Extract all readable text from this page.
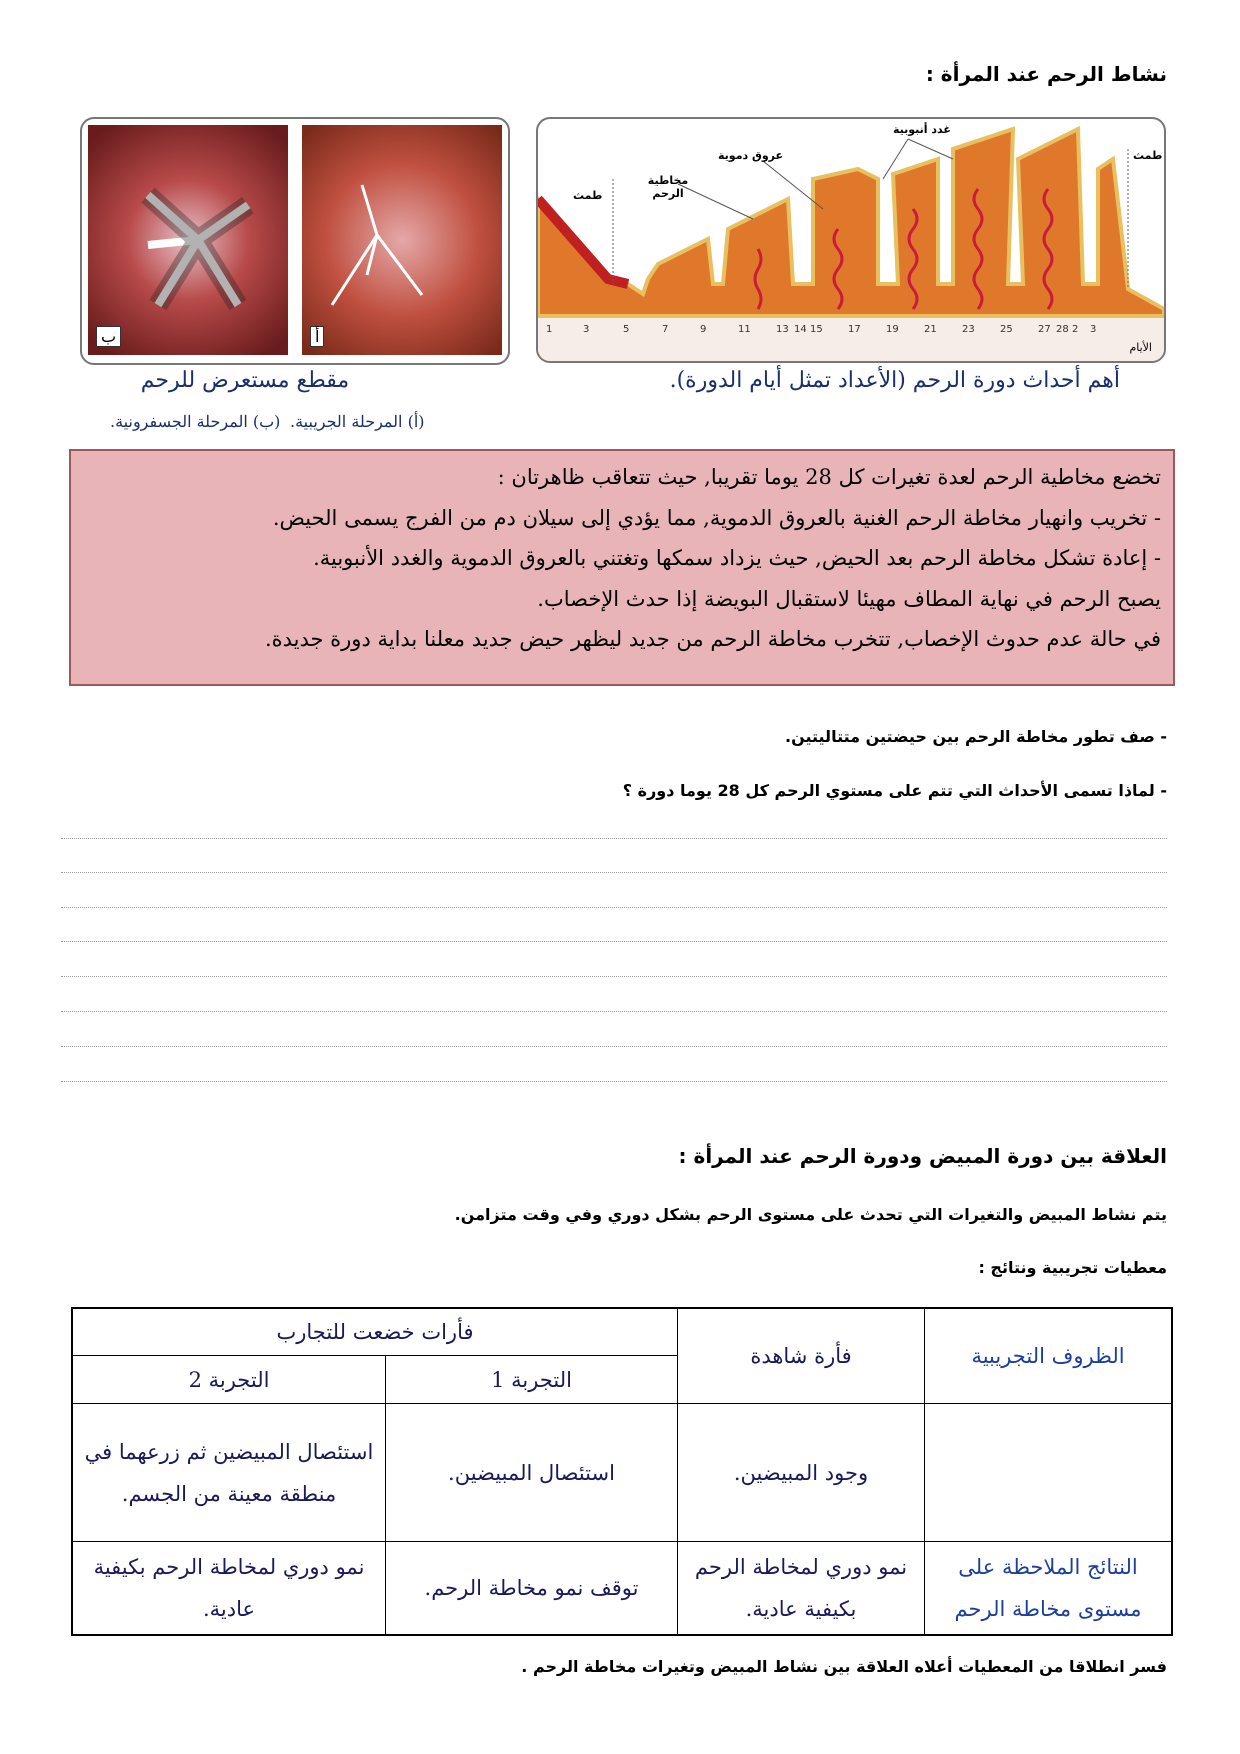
نشاط الرحم عند المرأة :
ب	أ
مقطع مستعرض للرحم
(أ) المرحلة الجريبية.
(ب) المرحلة الجسفرونية.
غدد أنبوبية
عروق دموية
مخاطية الرحم
طمث
طمث
1	3	5	7	9	11	13 14 15	17	19	21	23	25	27 28 2 3
الأيام
أهم أحداث دورة الرحم (الأعداد تمثل أيام الدورة).
تخضع مخاطية الرحم لعدة تغيرات كل 28 يوما تقريبا, حيث تتعاقب ظاهرتان :
- تخريب وانهيار مخاطة الرحم الغنية بالعروق الدموية, مما يؤدي إلى سيلان دم من الفرج يسمى الحيض.
- إعادة تشكل مخاطة الرحم بعد الحيض, حيث يزداد سمكها وتغتني بالعروق الدموية والغدد الأنبوبية.
يصبح الرحم في نهاية المطاف مهيئا لاستقبال البويضة إذا حدث الإخصاب.
في حالة عدم حدوث الإخصاب, تتخرب مخاطة الرحم من جديد ليظهر حيض جديد معلنا بداية دورة جديدة.
- صف تطور مخاطة الرحم بين حيضتين متتاليتين.
- لماذا تسمى الأحداث التي تتم على مستوي الرحم كل 28 يوما دورة ؟
العلاقة بين دورة المبيض ودورة الرحم عند المرأة :
يتم نشاط المبيض والتغيرات التي تحدث على مستوى الرحم بشكل دوري وفي وقت متزامن.
معطيات تجريبية ونتائج :
الظروف التجريبية	فأرة شاهدة	فأرات خضعت للتجارب	
		التجربة 1	التجربة 2
	وجود المبيضين.	استئصال المبيضين.	استئصال المبيضين ثم زرعهما في منطقة معينة من الجسم.
النتائج الملاحظة على مستوى مخاطة الرحم	نمو دوري لمخاطة الرحم بكيفية عادية.	توقف نمو مخاطة الرحم.	نمو دوري لمخاطة الرحم بكيفية عادية.
فسر انطلاقا من المعطيات أعلاه العلاقة بين نشاط المبيض وتغيرات مخاطة الرحم .
